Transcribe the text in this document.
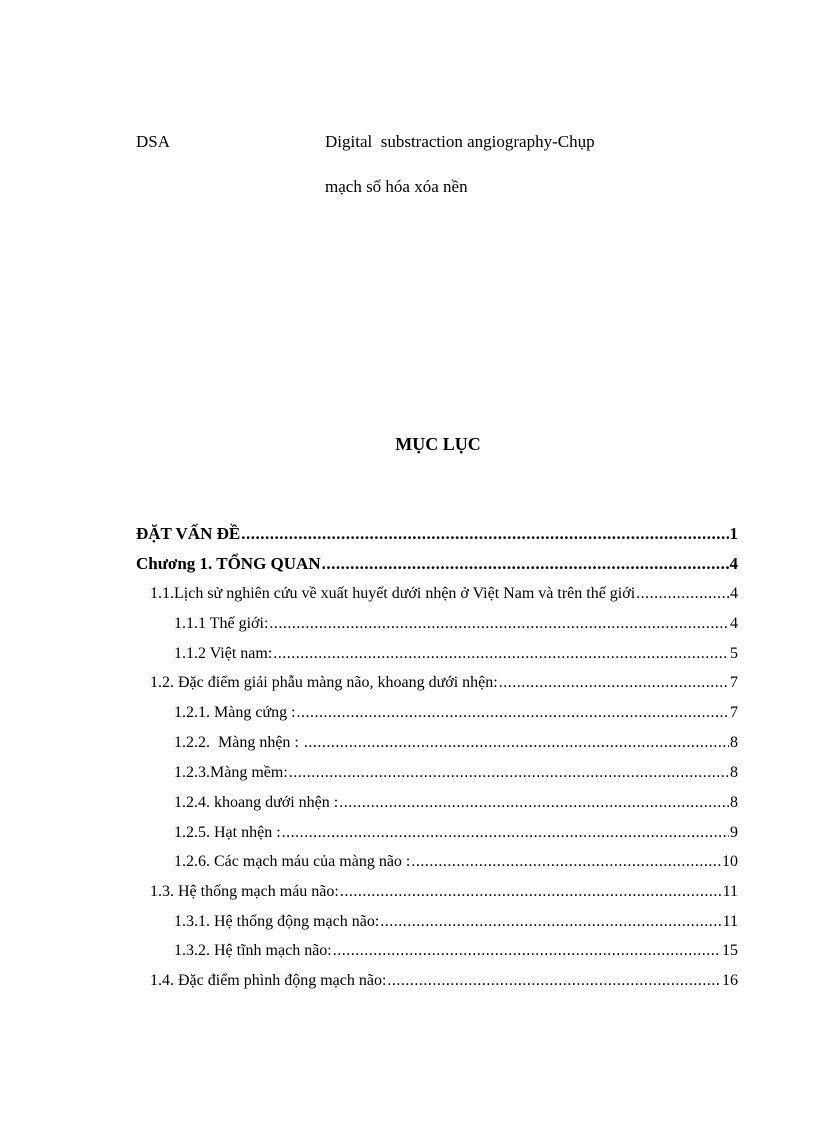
DSA	Digital  substraction angiography-Chụp
mạch số hóa xóa nền
MỤC LỤC
ĐẶT VẤN ĐỀ .....	1
Chương 1. TỔNG QUAN .....	4
1.1.Lịch sử nghiên cứu về xuất huyết dưới nhện ở Việt Nam và trên thế giới .....	4
1.1.1 Thế giới: .....	4
1.1.2 Việt nam: .....	5
1.2. Đặc điểm giải phẫu màng não, khoang dưới nhện: .....	7
1.2.1. Màng cứng : .....	7
1.2.2.  Màng nhện : .....	8
1.2.3.Màng mềm: .....	8
1.2.4. khoang dưới nhện : .....	8
1.2.5. Hạt nhện : .....	9
1.2.6. Các mạch máu của màng não : .....	10
1.3. Hệ thống mạch máu não: .....	11
1.3.1. Hệ thống động mạch não: .....	11
1.3.2. Hệ tĩnh mạch não: .....	15
1.4. Đặc điểm phình động mạch não: .....	16
